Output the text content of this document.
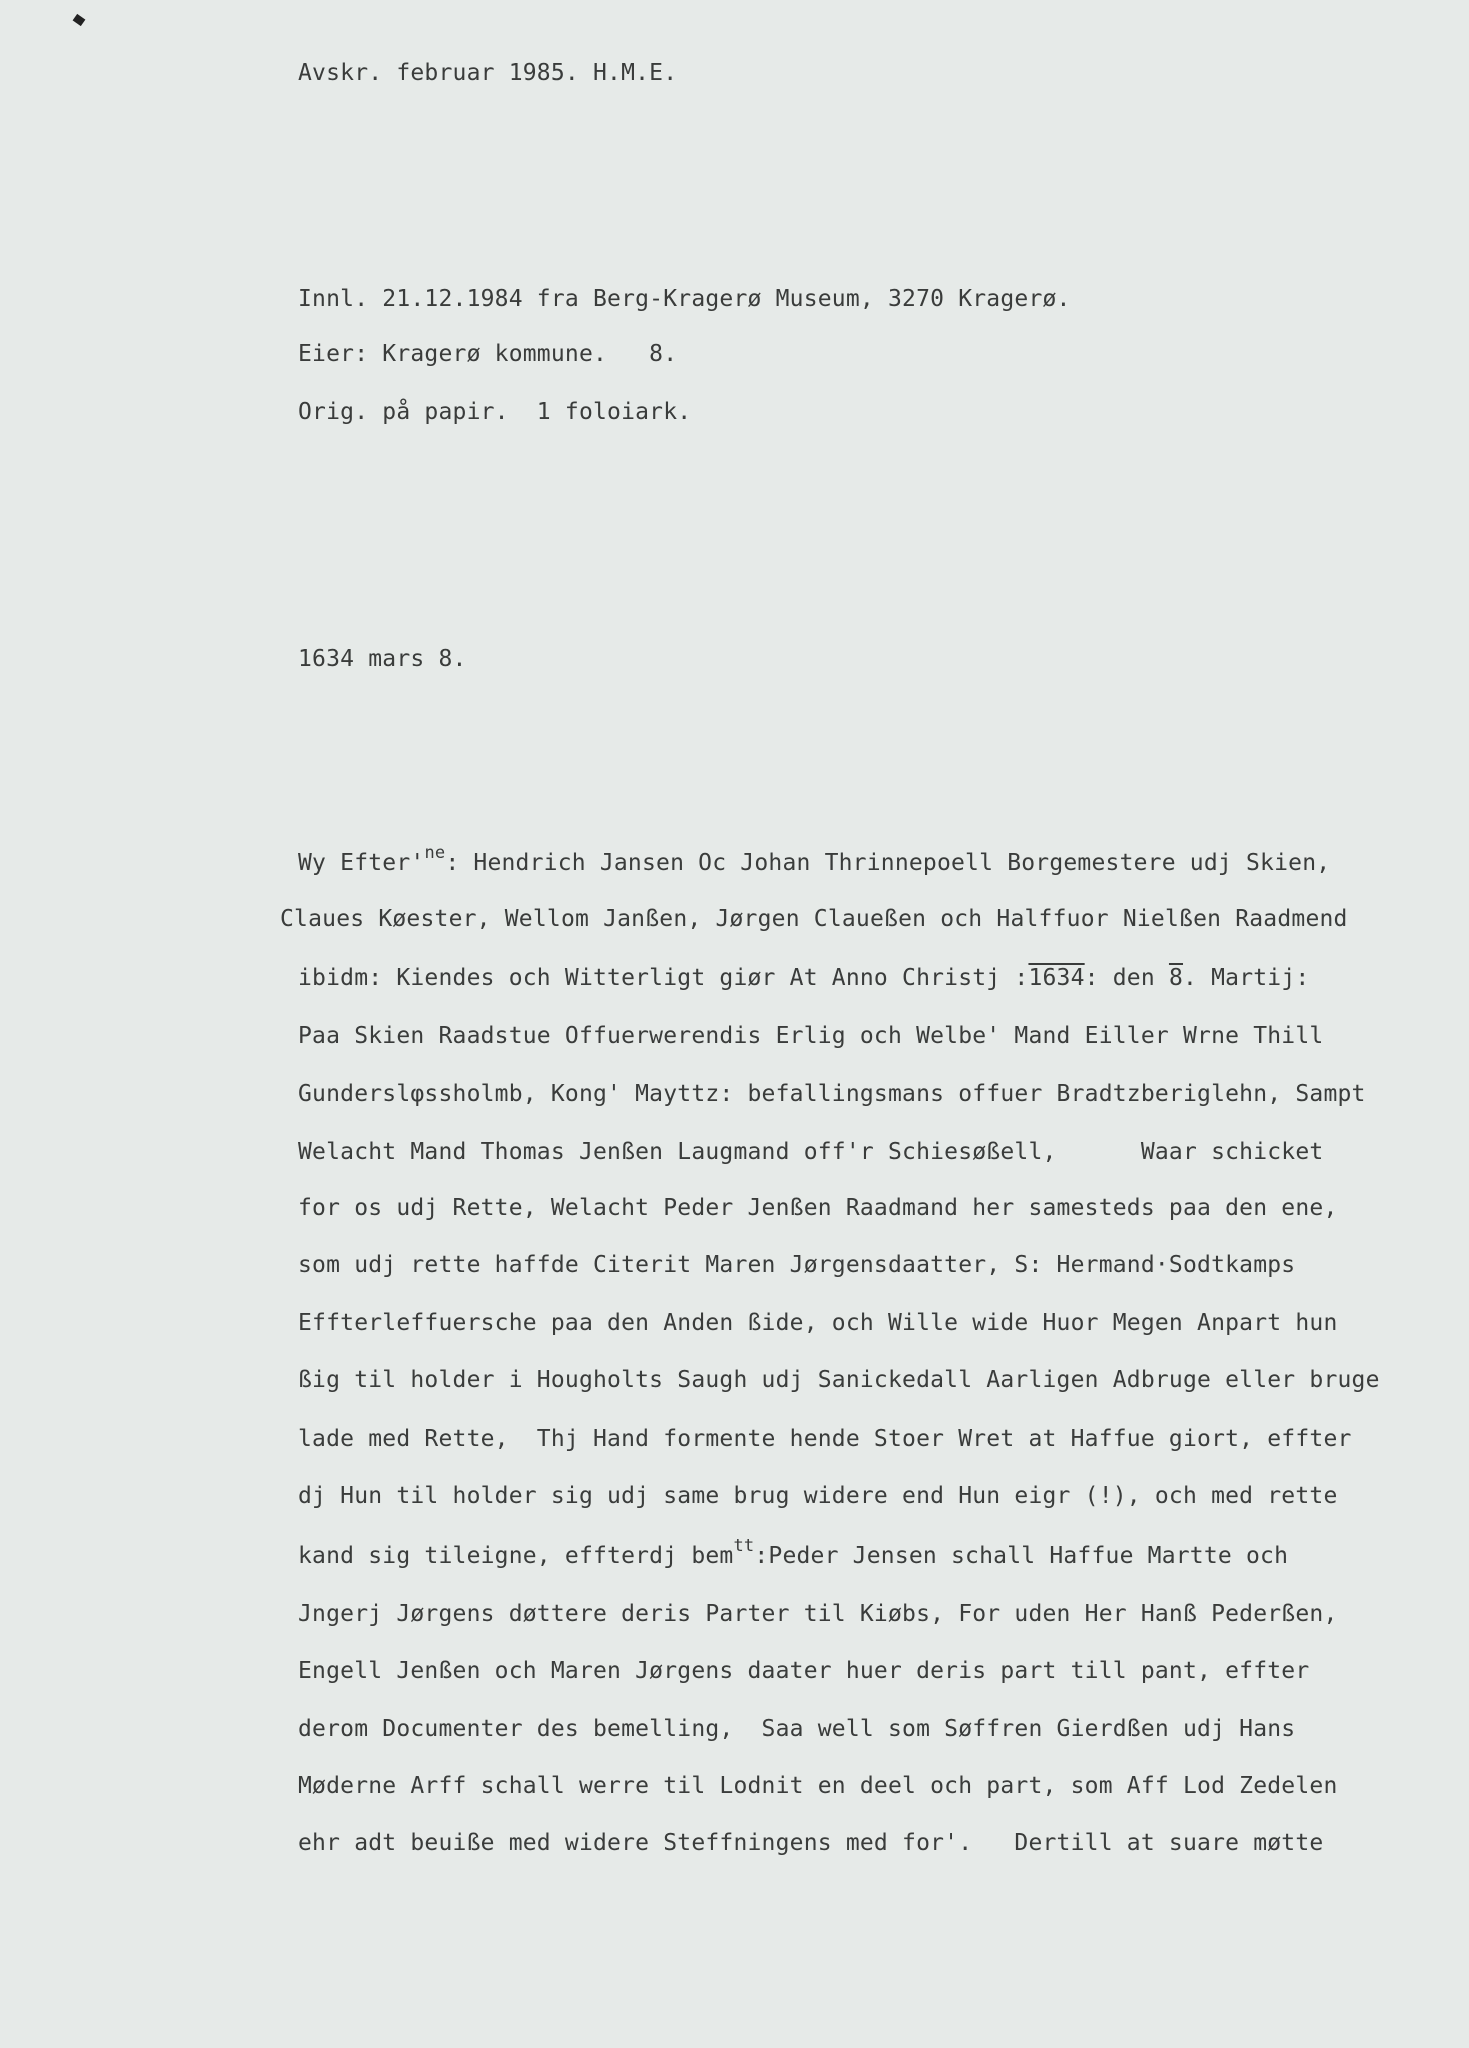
Avskr. februar 1985. H.M.E.
Innl. 21.12.1984 fra Berg-Kragerø Museum, 3270 Kragerø.
Eier: Kragerø kommune.   8.
Orig. på papir.  1 foloiark.
1634 mars 8.
Wy $Efter'^{ne}$: Hendrich Jansen Oc Johan Thrinnepoell Borgemestere udj Skien,
Claues Køester, Wellom Janßen, Jørgen Claueßen och Halffuor Nielßen Raadmend
ibidm: Kiendes och Witterligt giør At Anno Christj :1634: den 8. Martij:
Paa Skien Raadstue Offuerwerendis Erlig och Welbe' Mand Eiller Wrne Thill
Gunderslφssholmb, Kong' Mayttz: befallingsmans offuer Bradtzberiglehn, Sampt
Welacht Mand Thomas Jenßen Laugmand off'r Schiesøßell,      Waar schicket
for os udj Rette, Welacht Peder Jenßen Raadmand her samesteds paa den ene,
som udj rette haffde Citerit Maren Jørgensdaatter, S: Hermand·Sodtkamps
Effterleffuersche paa den Anden ßide, och Wille wide Huor Megen Anpart hun
ßig til holder i Hougholts Saugh udj Sanickedall Aarligen Adbruge eller bruge
lade med Rette,  Thj Hand formente hende Stoer Wret at Haffue giort, effter
dj Hun til holder sig udj same brug widere end Hun eigr (!), och med rette
kand sig tileigne, effterdj bem$^{tt}$:Peder Jensen schall Haffue Martte och
Jngerj Jørgens døttere deris Parter til Kiøbs, For uden Her Hanß Pederßen,
Engell Jenßen och Maren Jørgens daater huer deris part till pant, effter
derom Documenter des bemelling,  Saa well som Søffren Gierdßen udj Hans
Møderne Arff schall werre til Lodnit en deel och part, som Aff Lod Zedelen
ehr adt beuiße med widere Steffningens med for'.   Dertill at suare møtte
